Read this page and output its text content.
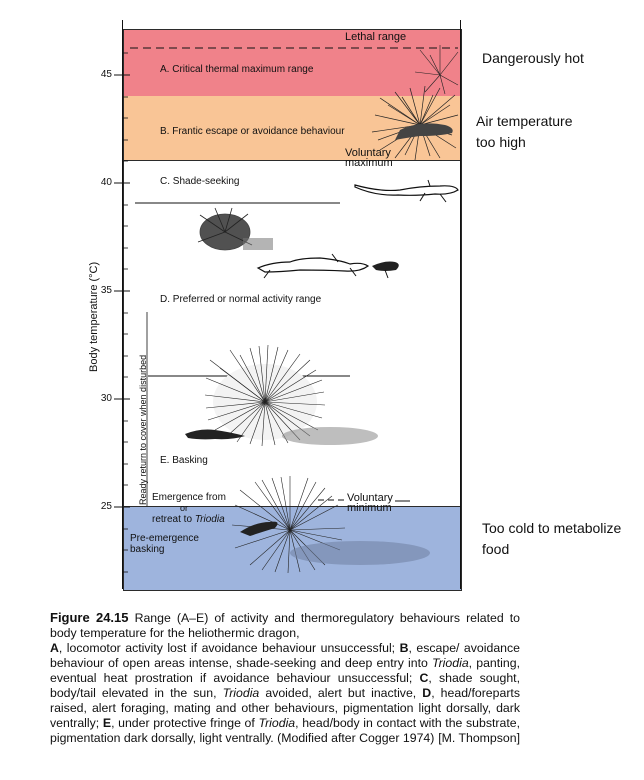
Body temperature (°C)
45
40
35
30
25
Ready return to cover when disturbed
Lethal range
A. Critical thermal maximum range
B. Frantic escape or avoidance behaviour
Voluntary
maximum
C. Shade-seeking
D. Preferred or normal activity range
E. Basking
Emergence from
or
retreat to Triodia
Voluntary
minimum
Pre-emergence
basking
Dangerously hot
Air temperature
too high
Too cold to metabolize
food
Figure 24.15 Range (A–E) of activity and thermoregulatory behaviours related to body temperature for the heliothermic dragon,
A, locomotor activity lost if avoidance behaviour unsuccessful; B, escape/ avoidance behaviour of open areas intense, shade-seeking and deep entry into Triodia, panting, eventual heat prostration if avoidance behaviour unsuccessful; C, shade sought, body/tail elevated in the sun, Triodia avoided, alert but inactive, D, head/foreparts raised, alert foraging, mating and other behaviours, pigmentation light dorsally, dark ventrally; E, under protective fringe of Triodia, head/body in contact with the substrate, pigmentation dark dorsally, light ventrally. (Modified after Cogger 1974) [M. Thompson]
